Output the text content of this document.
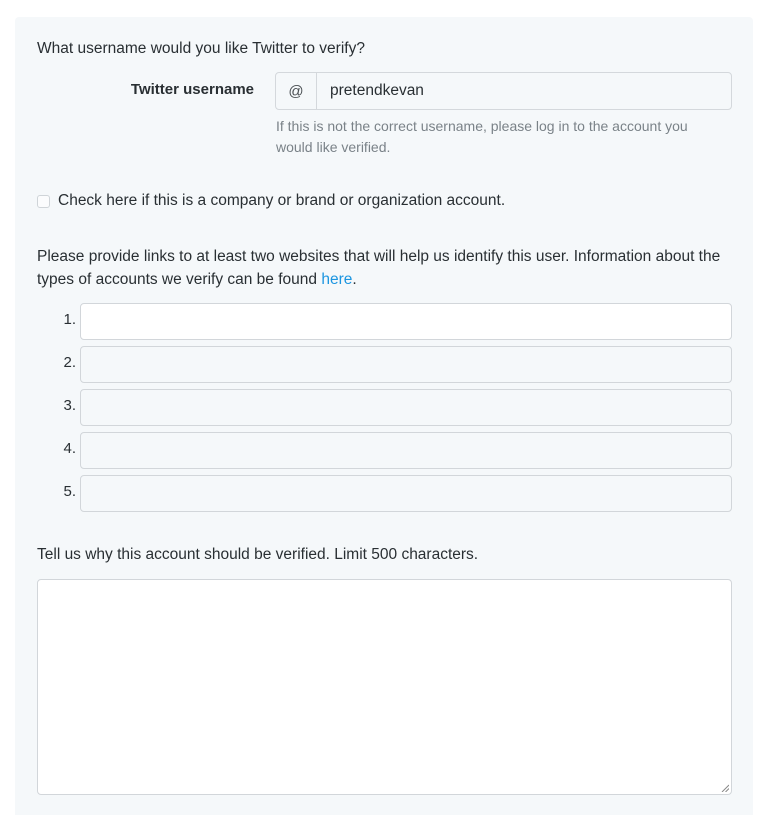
What username would you like Twitter to verify?
Twitter username	@	pretendkevan
If this is not the correct username, please log in to the account you would like verified.
Check here if this is a company or brand or organization account.
Please provide links to at least two websites that will help us identify this user. Information about the types of accounts we verify can be found here.
1.
2.
3.
4.
5.
Tell us why this account should be verified. Limit 500 characters.
